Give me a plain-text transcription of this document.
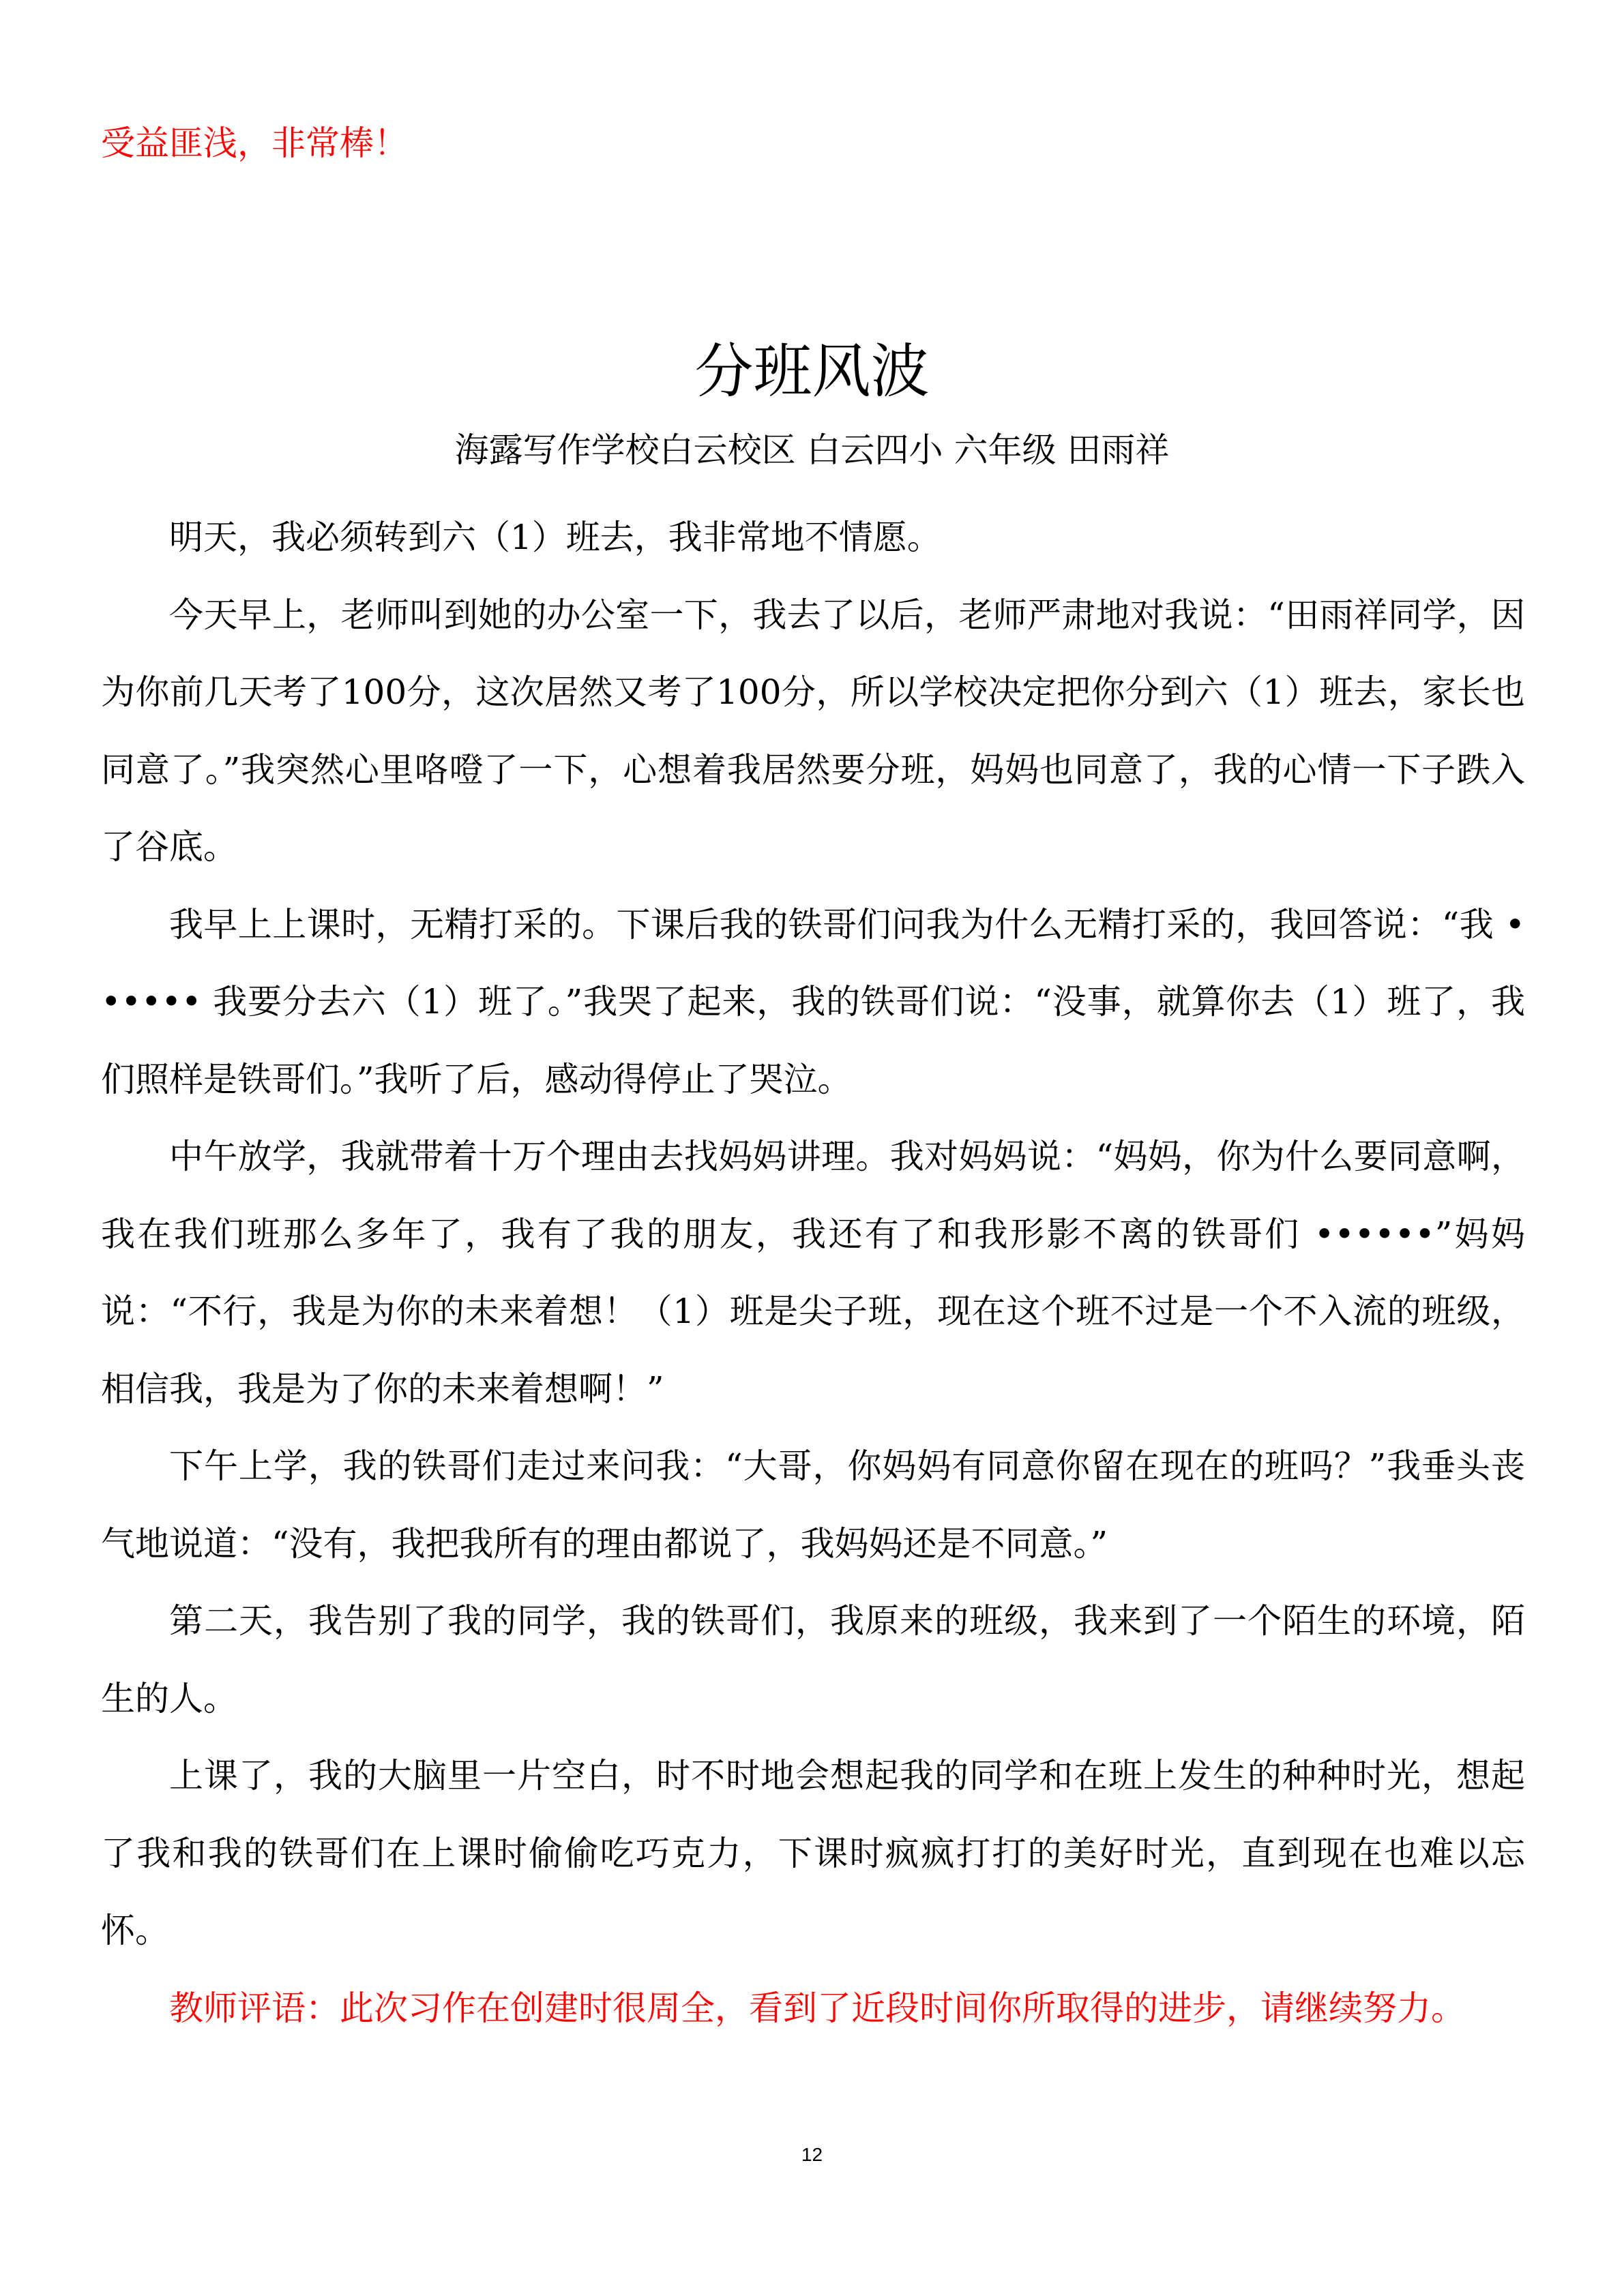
受益匪浅，非常棒！
分班风波
海露写作学校白云校区 白云四小 六年级 田雨祥

明天，我必须转到六（1）班去，我非常地不情愿。

今天早上，老师叫到她的办公室一下，我去了以后，老师严肃地对我说：“田雨祥同学，因为你前几天考了100分，这次居然又考了100分，所以学校决定把你分到六（1）班去，家长也同意了。”我突然心里咯噔了一下，心想着我居然要分班，妈妈也同意了，我的心情一下子跌入了谷底。

我早上上课时，无精打采的。下课后我的铁哥们问我为什么无精打采的，我回答说：“我 •••••• 我要分去六（1）班了。”我哭了起来，我的铁哥们说：“没事，就算你去（1）班了，我们照样是铁哥们。”我听了后，感动得停止了哭泣。

中午放学，我就带着十万个理由去找妈妈讲理。我对妈妈说：“妈妈，你为什么要同意啊，我在我们班那么多年了，我有了我的朋友，我还有了和我形影不离的铁哥们 ••••••”妈妈说：“不行，我是为你的未来着想！（1）班是尖子班，现在这个班不过是一个不入流的班级，相信我，我是为了你的未来着想啊！”

下午上学，我的铁哥们走过来问我：“大哥，你妈妈有同意你留在现在的班吗？”我垂头丧气地说道：“没有，我把我所有的理由都说了，我妈妈还是不同意。”

第二天，我告别了我的同学，我的铁哥们，我原来的班级，我来到了一个陌生的环境，陌生的人。

上课了，我的大脑里一片空白，时不时地会想起我的同学和在班上发生的种种时光，想起了我和我的铁哥们在上课时偷偷吃巧克力，下课时疯疯打打的美好时光，直到现在也难以忘怀。

教师评语：此次习作在创建时很周全，看到了近段时间你所取得的进步，请继续努力。

12
